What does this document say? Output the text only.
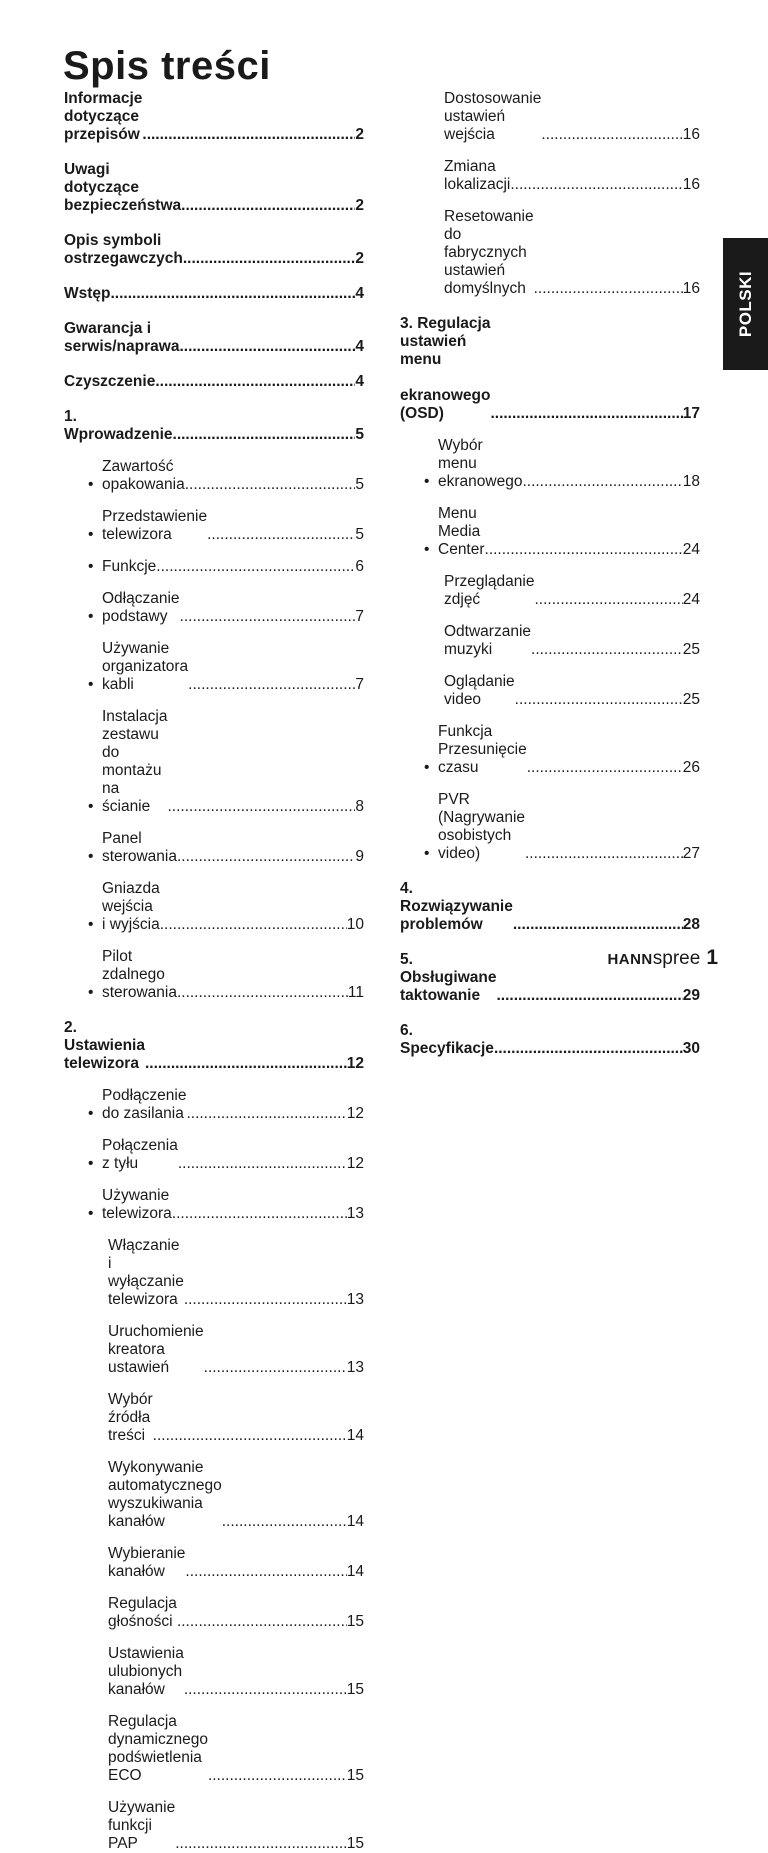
Spis treści
Informacje dotyczące przepisów .....	2
Uwagi dotyczące bezpieczeństwa .....	2
Opis symboli ostrzegawczych .....	2
Wstęp .....	4
Gwarancja i serwis/naprawa .....	4
Czyszczenie .....	4
1. Wprowadzenie .....	5
•
Zawartość opakowania .....	5
•
Przedstawienie telewizora .....	5
• Funkcje .....	6
•
Odłączanie podstawy .....	7
•
Używanie organizatora kabli .....	7
•
Instalacja zestawu do montażu na
ścianie .....	8
•
Panel sterowania .....	9
•
Gniazda wejścia i wyjścia .....	10
•
Pilot zdalnego sterowania .....	11
2. Ustawienia telewizora .....	12
•
Podłączenie do zasilania .....	12
•
Połączenia z tyłu .....	12
•
Używanie telewizora .....	13
Włączanie i wyłączanie
telewizora .....	13
Uruchomienie kreatora ustawień .....	13
Wybór źródła treści .....	14
Wykonywanie automatycznego
wyszukiwania kanałów .....	14
Wybieranie kanałów .....	14
Regulacja głośności .....	15
Ustawienia ulubionych kanałów .....	15
Regulacja dynamicznego
podświetlenia ECO .....	15
Używanie funkcji PAP .....	15
Dostosowanie ustawień wejścia .....	16
Zmiana lokalizacji .....	16
Resetowanie do fabrycznych
ustawień domyślnych .....	16
3. Regulacja ustawień menu
ekranowego (OSD) .....	17
•
Wybór menu ekranowego .....	18
•
Menu Media Center .....	24
Przeglądanie zdjęć .....	24
Odtwarzanie muzyki .....	25
Oglądanie video .....	25
•
Funkcja Przesunięcie czasu .....	26
•
PVR (Nagrywanie osobistych
video) .....	27
4. Rozwiązywanie problemów .....	28
5. Obsługiwane taktowanie .....	29
6. Specyfikacje .....	30
POLSKI
HANN spree 1
